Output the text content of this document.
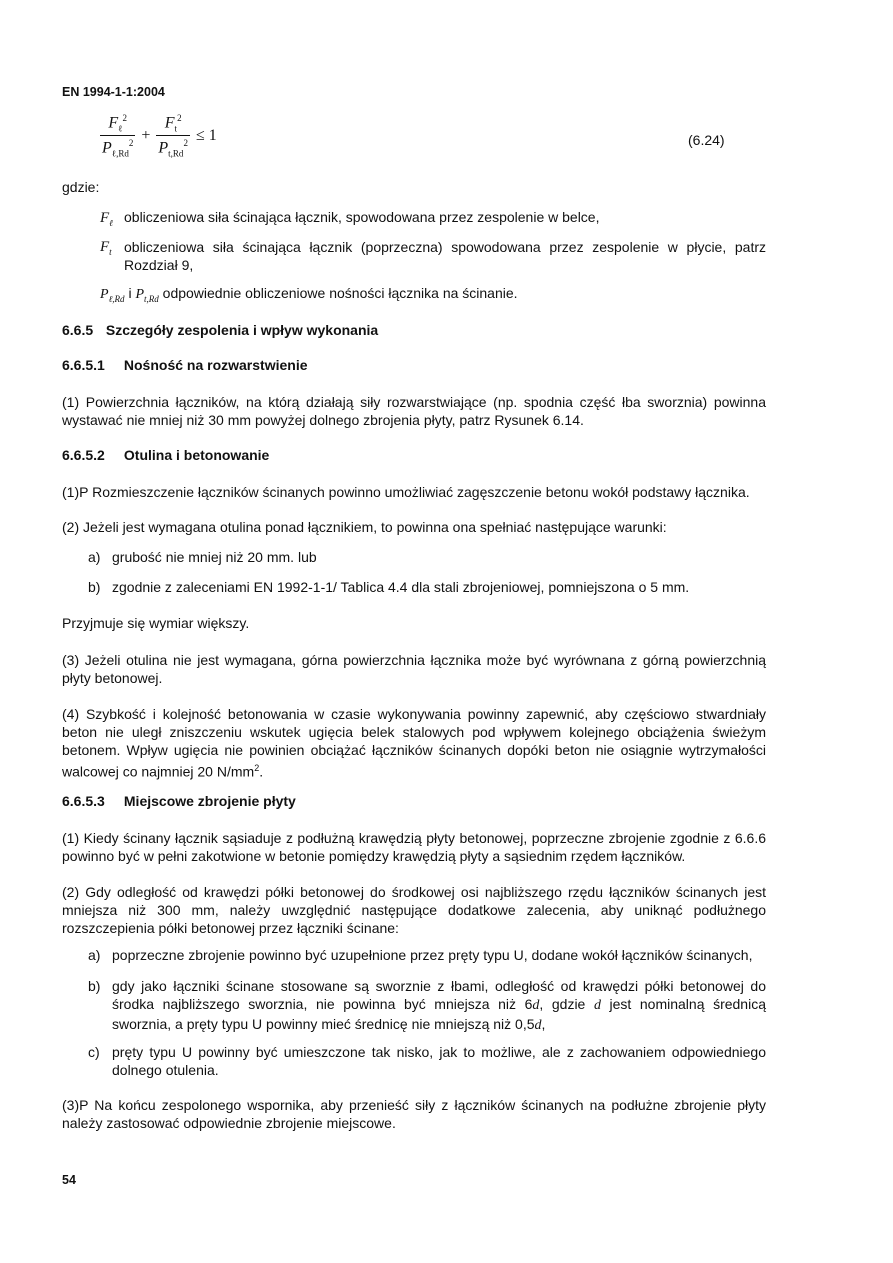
EN 1994-1-1:2004
$\frac{F_\ell^2}{P_{\ell,Rd}^2} + \frac{F_t^2}{P_{t,Rd}^2} \le 1$	(6.24)
gdzie:
$F_\ell$ obliczeniowa siła ścinająca łącznik, spowodowana przez zespolenie w belce,
$F_t$ obliczeniowa siła ścinająca łącznik (poprzeczna) spowodowana przez zespolenie w płycie, patrz Rozdział 9,
$P_{\ell,Rd}$ i $P_{t,Rd}$ odpowiednie obliczeniowe nośności łącznika na ścinanie.
6.6.5 Szczegóły zespolenia i wpływ wykonania
6.6.5.1 Nośność na rozwarstwienie
(1) Powierzchnia łączników, na którą działają siły rozwarstwiające (np. spodnia część łba sworznia) powinna wystawać nie mniej niż 30 mm powyżej dolnego zbrojenia płyty, patrz Rysunek 6.14.
6.6.5.2 Otulina i betonowanie
(1)P Rozmieszczenie łączników ścinanych powinno umożliwiać zagęszczenie betonu wokół podstawy łącznika.
(2) Jeżeli jest wymagana otulina ponad łącznikiem, to powinna ona spełniać następujące warunki:
a) grubość nie mniej niż 20 mm. lub
b) zgodnie z zaleceniami EN 1992-1-1/ Tablica 4.4 dla stali zbrojeniowej, pomniejszona o 5 mm.
Przyjmuje się wymiar większy.
(3) Jeżeli otulina nie jest wymagana, górna powierzchnia łącznika może być wyrównana z górną powierzchnią płyty betonowej.
(4) Szybkość i kolejność betonowania w czasie wykonywania powinny zapewnić, aby częściowo stwardniały beton nie uległ zniszczeniu wskutek ugięcia belek stalowych pod wpływem kolejnego obciążenia świeżym betonem. Wpływ ugięcia nie powinien obciążać łączników ścinanych dopóki beton nie osiągnie wytrzymałości walcowej co najmniej 20 $N/mm^2$.
6.6.5.3 Miejscowe zbrojenie płyty
(1) Kiedy ścinany łącznik sąsiaduje z podłużną krawędzią płyty betonowej, poprzeczne zbrojenie zgodnie z 6.6.6 powinno być w pełni zakotwione w betonie pomiędzy krawędzią płyty a sąsiednim rzędem łączników.
(2) Gdy odległość od krawędzi półki betonowej do środkowej osi najbliższego rzędu łączników ścinanych jest mniejsza niż 300 mm, należy uwzględnić następujące dodatkowe zalecenia, aby uniknąć podłużnego rozszczepienia półki betonowej przez łączniki ścinane:
a) poprzeczne zbrojenie powinno być uzupełnione przez pręty typu U, dodane wokół łączników ścinanych,
b) gdy jako łączniki ścinane stosowane są sworznie z łbami, odległość od krawędzi półki betonowej do środka najbliższego sworznia, nie powinna być mniejsza niż 6d, gdzie d jest nominalną średnicą sworznia, a pręty typu U powinny mieć średnicę nie mniejszą niż 0,5d,
c) pręty typu U powinny być umieszczone tak nisko, jak to możliwe, ale z zachowaniem odpowiedniego dolnego otulenia.
(3)P Na końcu zespolonego wspornika, aby przenieść siły z łączników ścinanych na podłużne zbrojenie płyty należy zastosować odpowiednie zbrojenie miejscowe.
54
